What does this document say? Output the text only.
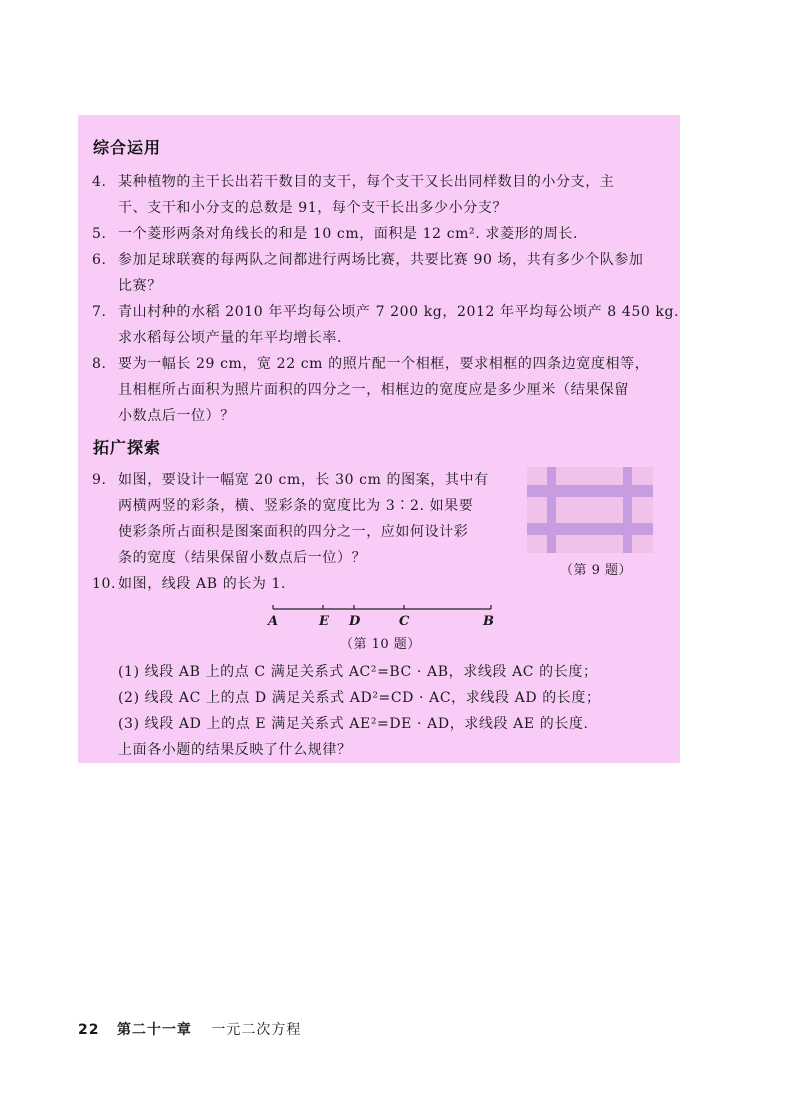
综合运用
4. 某种植物的主干长出若干数目的支干，每个支干又长出同样数目的小分支，主
干、支干和小分支的总数是 91，每个支干长出多少小分支？
5. 一个菱形两条对角线长的和是 10 cm，面积是 12 cm². 求菱形的周长.
6. 参加足球联赛的每两队之间都进行两场比赛，共要比赛 90 场，共有多少个队参加
比赛？
7. 青山村种的水稻 2010 年平均每公顷产 7 200 kg，2012 年平均每公顷产 8 450 kg.
求水稻每公顷产量的年平均增长率.
8. 要为一幅长 29 cm，宽 22 cm 的照片配一个相框，要求相框的四条边宽度相等，
且相框所占面积为照片面积的四分之一，相框边的宽度应是多少厘米（结果保留
小数点后一位）？
拓广探索
9. 如图，要设计一幅宽 20 cm，长 30 cm 的图案，其中有
两横两竖的彩条，横、竖彩条的宽度比为 3∶2. 如果要
使彩条所占面积是图案面积的四分之一，应如何设计彩
条的宽度（结果保留小数点后一位）？
（第 9 题）
10. 如图，线段 AB 的长为 1.
A	E D	C	B
（第 10 题）
(1) 线段 AB 上的点 C 满足关系式 AC²=BC · AB，求线段 AC 的长度；
(2) 线段 AC 上的点 D 满足关系式 AD²=CD · AC，求线段 AD 的长度；
(3) 线段 AD 上的点 E 满足关系式 AE²=DE · AD，求线段 AE 的长度.
上面各小题的结果反映了什么规律？
22 第二十一章 一元二次方程
